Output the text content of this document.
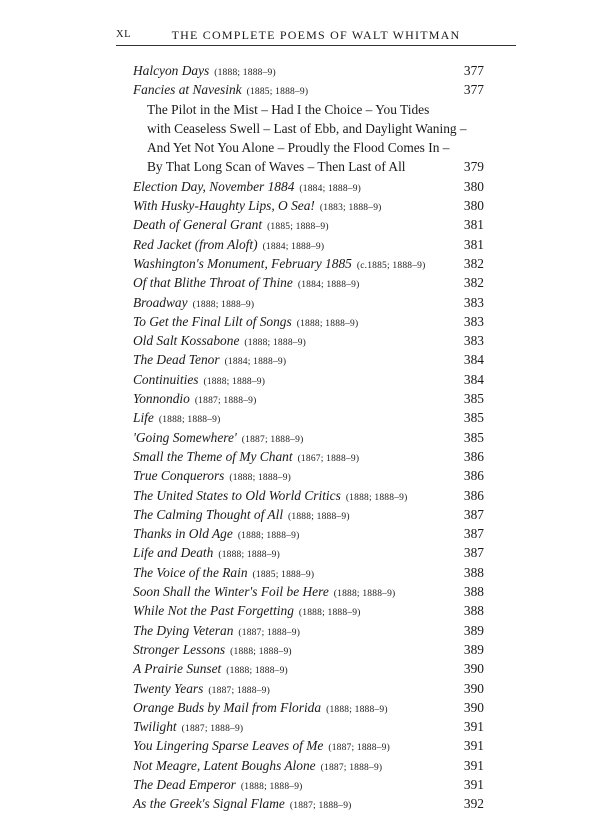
XL	THE COMPLETE POEMS OF WALT WHITMAN
Halcyon Days (1888; 1888–9)	377
Fancies at Navesink (1885; 1888–9)	377
The Pilot in the Mist – Had I the Choice – You Tides
with Ceaseless Swell – Last of Ebb, and Daylight Waning –
And Yet Not You Alone – Proudly the Flood Comes In –
By That Long Scan of Waves – Then Last of All	379
Election Day, November 1884 (1884; 1888–9)	380
With Husky-Haughty Lips, O Sea! (1883; 1888–9)	380
Death of General Grant (1885; 1888–9)	381
Red Jacket (from Aloft) (1884; 1888–9)	381
Washington's Monument, February 1885 (c.1885; 1888–9)	382
Of that Blithe Throat of Thine (1884; 1888–9)	382
Broadway (1888; 1888–9)	383
To Get the Final Lilt of Songs (1888; 1888–9)	383
Old Salt Kossabone (1888; 1888–9)	383
The Dead Tenor (1884; 1888–9)	384
Continuities (1888; 1888–9)	384
Yonnondio (1887; 1888–9)	385
Life (1888; 1888–9)	385
'Going Somewhere' (1887; 1888–9)	385
Small the Theme of My Chant (1867; 1888–9)	386
True Conquerors (1888; 1888–9)	386
The United States to Old World Critics (1888; 1888–9)	386
The Calming Thought of All (1888; 1888–9)	387
Thanks in Old Age (1888; 1888–9)	387
Life and Death (1888; 1888–9)	387
The Voice of the Rain (1885; 1888–9)	388
Soon Shall the Winter's Foil be Here (1888; 1888–9)	388
While Not the Past Forgetting (1888; 1888–9)	388
The Dying Veteran (1887; 1888–9)	389
Stronger Lessons (1888; 1888–9)	389
A Prairie Sunset (1888; 1888–9)	390
Twenty Years (1887; 1888–9)	390
Orange Buds by Mail from Florida (1888; 1888–9)	390
Twilight (1887; 1888–9)	391
You Lingering Sparse Leaves of Me (1887; 1888–9)	391
Not Meagre, Latent Boughs Alone (1887; 1888–9)	391
The Dead Emperor (1888; 1888–9)	391
As the Greek's Signal Flame (1887; 1888–9)	392
